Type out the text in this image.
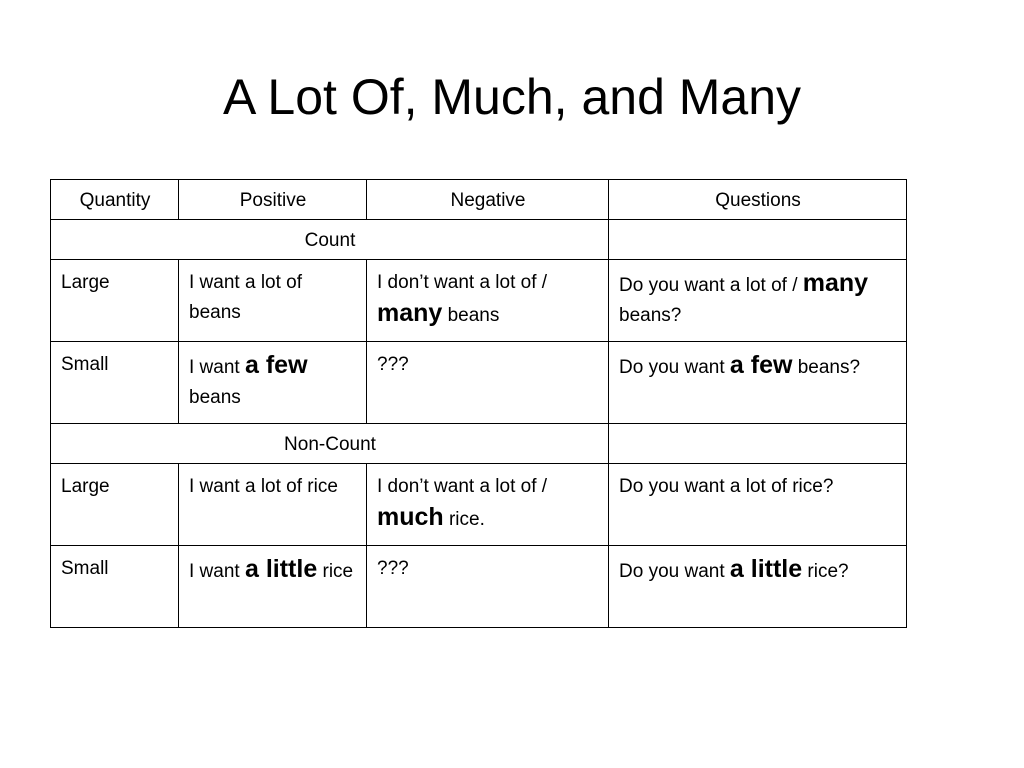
A Lot Of, Much, and Many
Quantity	Positive	Negative	Questions
Count			
Large	I want a lot of beans	I don’t want a lot of / many beans	Do you want a lot of / many beans?
Small	I want a few beans	???	Do you want a few beans?
Non-Count			
Large	I want a lot of rice	I don’t want a lot of / much rice.	Do you want a lot of rice?
Small	I want a little rice	???	Do you want a little rice?
